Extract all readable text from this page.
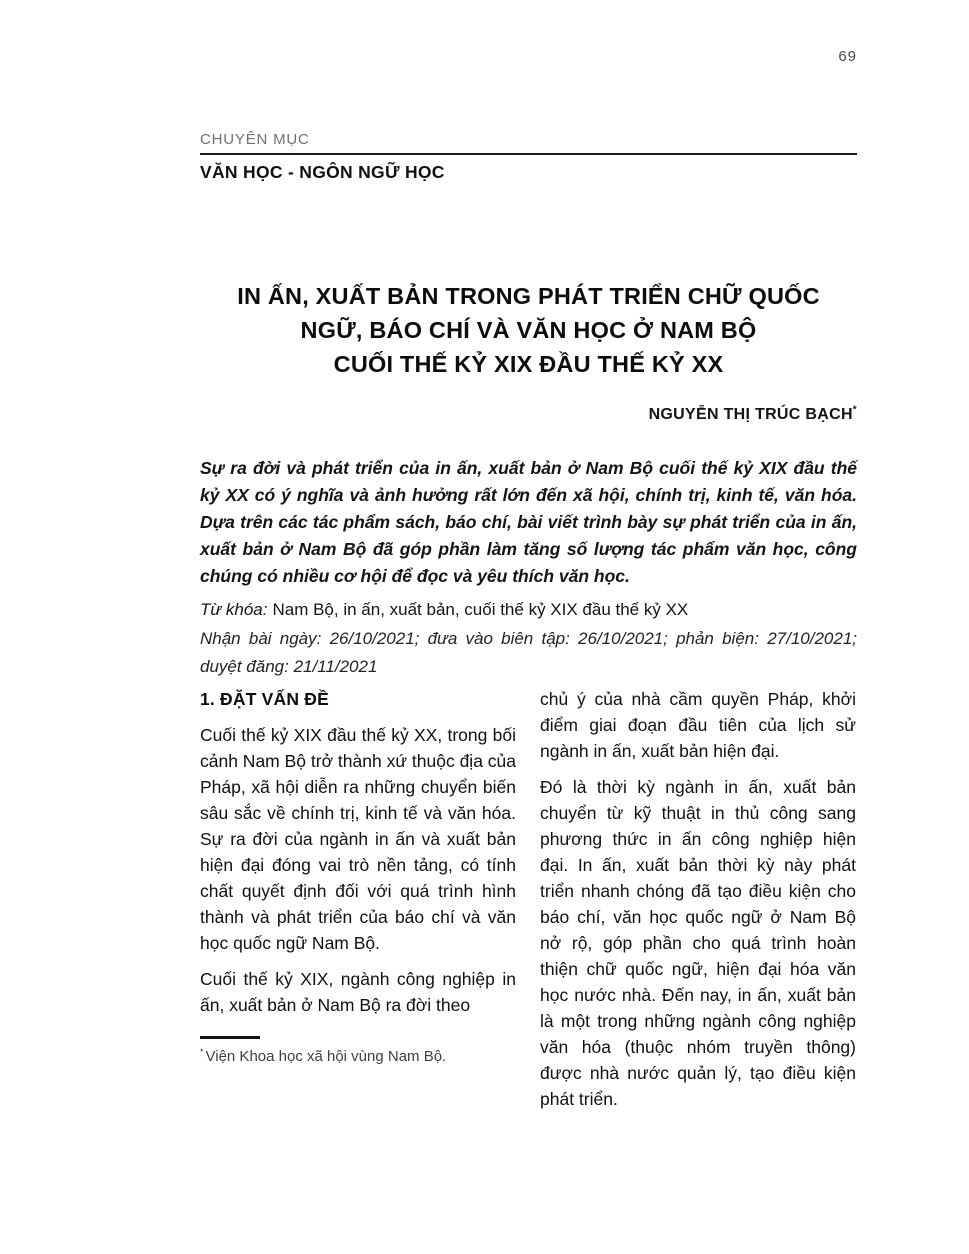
69
CHUYÊN MỤC
VĂN HỌC - NGÔN NGỮ HỌC
IN ẤN, XUẤT BẢN TRONG PHÁT TRIỂN CHỮ QUỐC
NGỮ, BÁO CHÍ VÀ VĂN HỌC Ở NAM BỘ
CUỐI THẾ KỶ XIX ĐẦU THẾ KỶ XX
NGUYỄN THỊ TRÚC BẠCH*
Sự ra đời và phát triển của in ấn, xuất bản ở Nam Bộ cuối thế kỷ XIX đầu thế kỷ XX có ý nghĩa và ảnh hưởng rất lớn đến xã hội, chính trị, kinh tế, văn hóa. Dựa trên các tác phẩm sách, báo chí, bài viết trình bày sự phát triển của in ấn, xuất bản ở Nam Bộ đã góp phần làm tăng số lượng tác phẩm văn học, công chúng có nhiều cơ hội để đọc và yêu thích văn học.
Từ khóa: Nam Bộ, in ấn, xuất bản, cuối thế kỷ XIX đầu thế kỷ XX
Nhận bài ngày: 26/10/2021; đưa vào biên tập: 26/10/2021; phản biện: 27/10/2021; duyệt đăng: 21/11/2021
1. ĐẶT VẤN ĐỀ

Cuối thế kỷ XIX đầu thế kỷ XX, trong bối cảnh Nam Bộ trở thành xứ thuộc địa của Pháp, xã hội diễn ra những chuyển biến sâu sắc về chính trị, kinh tế và văn hóa. Sự ra đời của ngành in ấn và xuất bản hiện đại đóng vai trò nền tảng, có tính chất quyết định đối với quá trình hình thành và phát triển của báo chí và văn học quốc ngữ Nam Bộ.

Cuối thế kỷ XIX, ngành công nghiệp in ấn, xuất bản ở Nam Bộ ra đời theo

* Viện Khoa học xã hội vùng Nam Bộ.

chủ ý của nhà cầm quyền Pháp, khởi điểm giai đoạn đầu tiên của lịch sử ngành in ấn, xuất bản hiện đại.

Đó là thời kỳ ngành in ấn, xuất bản chuyển từ kỹ thuật in thủ công sang phương thức in ấn công nghiệp hiện đại. In ấn, xuất bản thời kỳ này phát triển nhanh chóng đã tạo điều kiện cho báo chí, văn học quốc ngữ ở Nam Bộ nở rộ, góp phần cho quá trình hoàn thiện chữ quốc ngữ, hiện đại hóa văn học nước nhà. Đến nay, in ấn, xuất bản là một trong những ngành công nghiệp văn hóa (thuộc nhóm truyền thông) được nhà nước quản lý, tạo điều kiện phát triển.
